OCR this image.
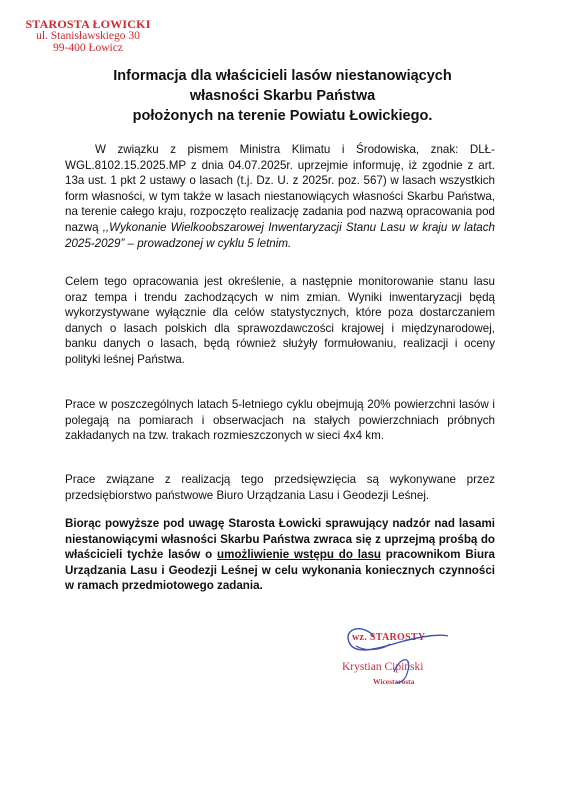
STAROSTA ŁOWICKI
ul. Stanisławskiego 30
99-400 Łowicz
Informacja dla właścicieli lasów niestanowiących
własności Skarbu Państwa
położonych na terenie Powiatu Łowickiego.

W związku z pismem Ministra Klimatu i Środowiska, znak: DLŁ-WGL.8102.15.2025.MP z dnia 04.07.2025r. uprzejmie informuję, iż zgodnie z art. 13a ust. 1 pkt 2 ustawy o lasach (t.j. Dz. U. z 2025r. poz. 567) w lasach wszystkich form własności, w tym także w lasach niestanowiących własności Skarbu Państwa, na terenie całego kraju, rozpoczęto realizację zadania pod nazwą opracowania pod nazwą ,,Wykonanie Wielkoobszarowej Inwentaryzacji Stanu Lasu w kraju w latach 2025-2029” – prowadzonej w cyklu 5 letnim.

Celem tego opracowania jest określenie, a następnie monitorowanie stanu lasu oraz tempa i trendu zachodzących w nim zmian. Wyniki inwentaryzacji będą wykorzystywane wyłącznie dla celów statystycznych, które poza dostarczaniem danych o lasach polskich dla sprawozdawczości krajowej i międzynarodowej, banku danych o lasach, będą również służyły formułowaniu, realizacji i oceny polityki leśnej Państwa.

Prace w poszczególnych latach 5-letniego cyklu obejmują 20% powierzchni lasów i polegają na pomiarach i obserwacjach na stałych powierzchniach próbnych zakładanych na tzw. trakach rozmieszczonych w sieci 4x4 km.

Prace związane z realizacją tego przedsięwzięcia są wykonywane przez przedsiębiorstwo państwowe Biuro Urządzania Lasu i Geodezji Leśnej.

Biorąc powyższe pod uwagę Starosta Łowicki sprawujący nadzór nad lasami niestanowiącymi własności Skarbu Państwa zwraca się z uprzejmą prośbą do właścicieli tychże lasów o umożliwienie wstępu do lasu pracownikom Biura Urządzania Lasu i Geodezji Leśnej w celu wykonania koniecznych czynności w ramach przedmiotowego zadania.

wz. STAROSTY
Krystian Cipiński
Wicestarosta
